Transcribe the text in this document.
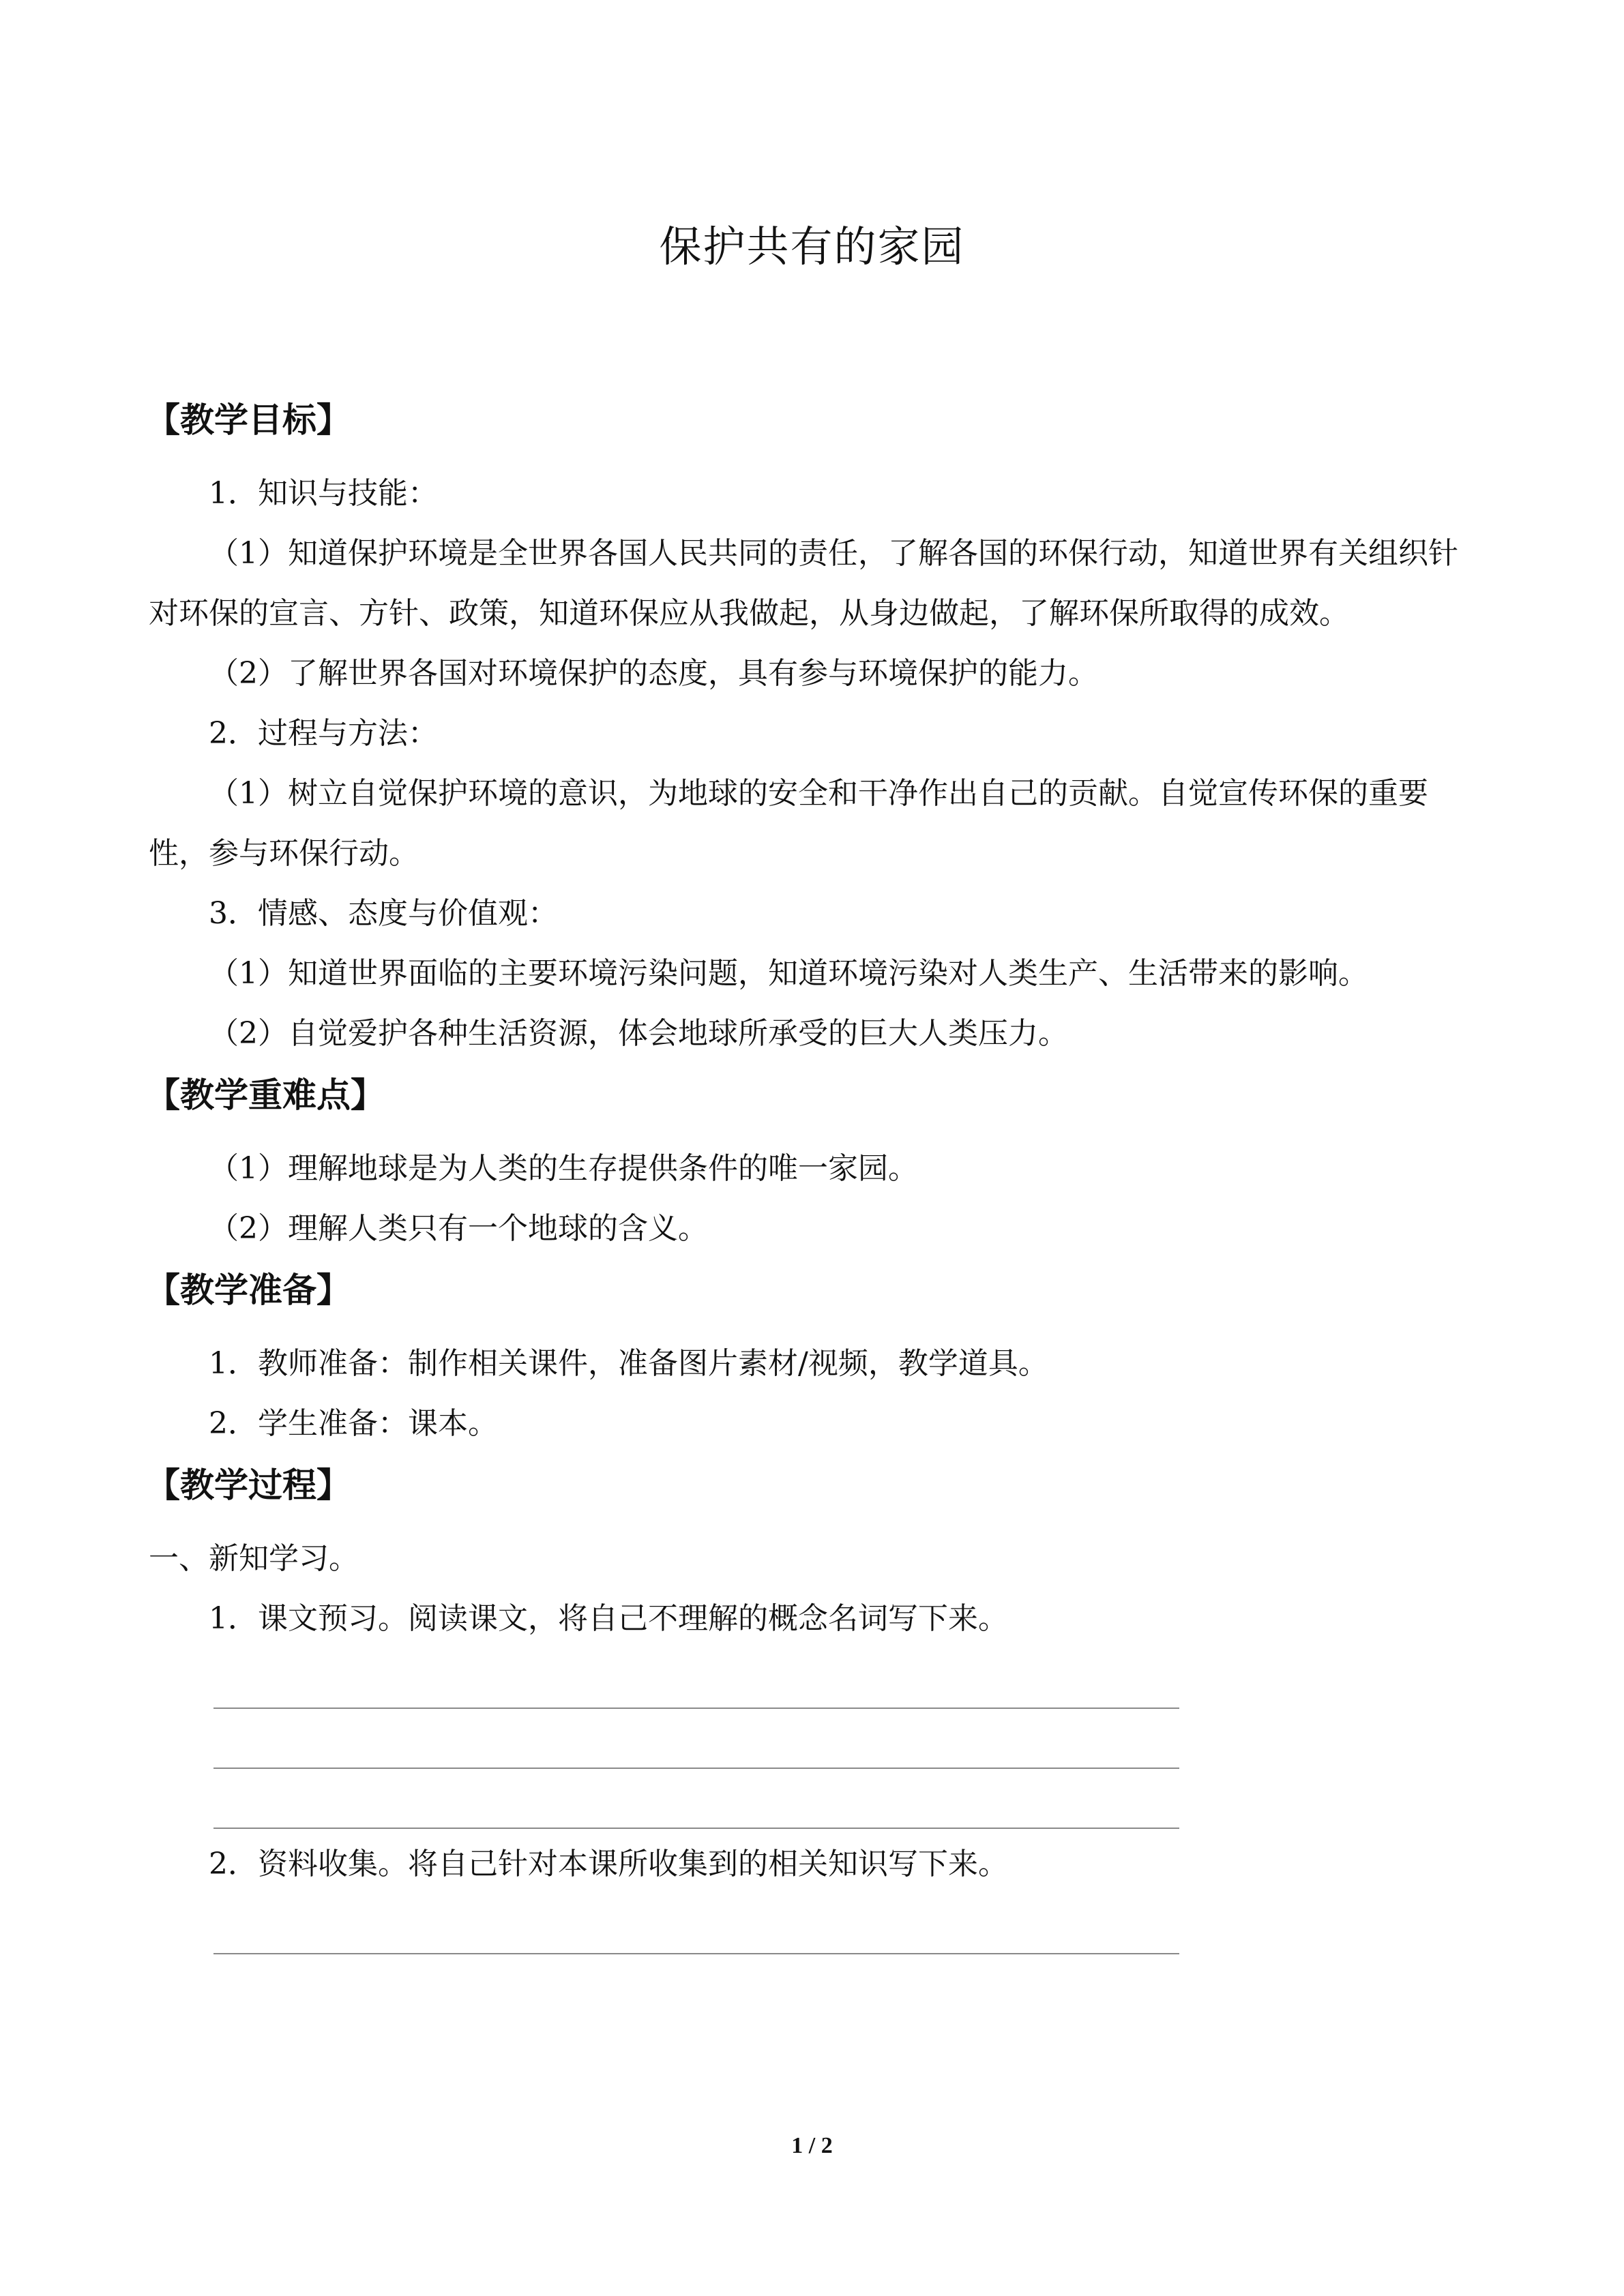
保护共有的家园
【教学目标】

1．知识与技能：

（1）知道保护环境是全世界各国人民共同的责任，了解各国的环保行动，知道世界有关组织针对环保的宣言、方针、政策，知道环保应从我做起，从身边做起，了解环保所取得的成效。

（2）了解世界各国对环境保护的态度，具有参与环境保护的能力。

2．过程与方法：

（1）树立自觉保护环境的意识，为地球的安全和干净作出自己的贡献。自觉宣传环保的重要性，参与环保行动。

3．情感、态度与价值观：

（1）知道世界面临的主要环境污染问题，知道环境污染对人类生产、生活带来的影响。

（2）自觉爱护各种生活资源，体会地球所承受的巨大人类压力。

【教学重难点】

（1）理解地球是为人类的生存提供条件的唯一家园。

（2）理解人类只有一个地球的含义。

【教学准备】

1．教师准备：制作相关课件，准备图片素材/视频，教学道具。

2．学生准备：课本。

【教学过程】

一、新知学习。

1．课文预习。阅读课文，将自己不理解的概念名词写下来。

2．资料收集。将自己针对本课所收集到的相关知识写下来。

1 / 2
